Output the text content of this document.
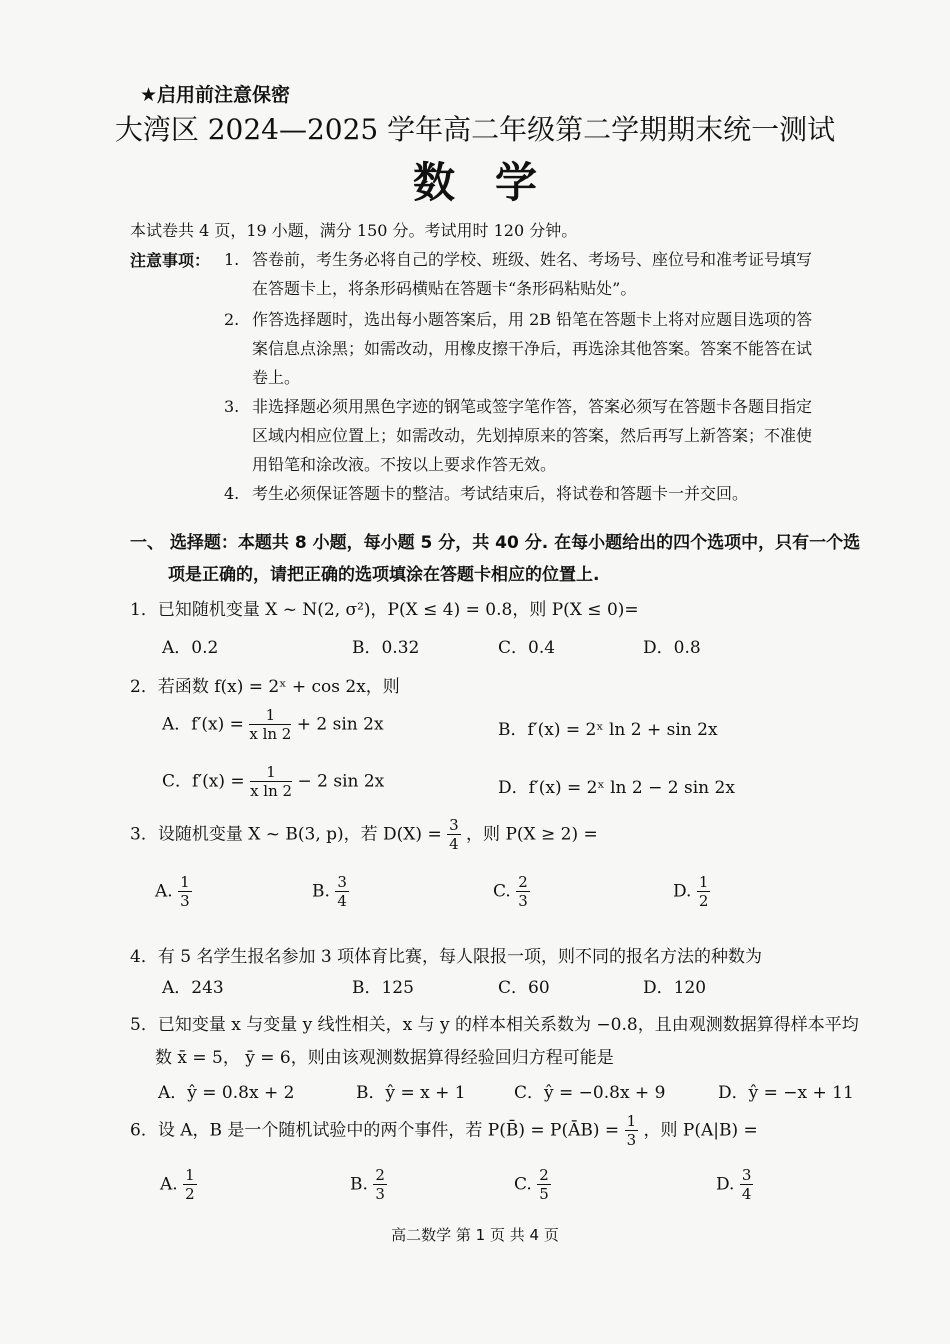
★启用前注意保密
大湾区 2024—2025 学年高二年级第二学期期末统一测试
数学
本试卷共 4 页，19 小题，满分 150 分。考试用时 120 分钟。
注意事项： 1. 答卷前，考生务必将自己的学校、班级、姓名、考场号、座位号和准考证号填写
在答题卡上，将条形码横贴在答题卡“条形码粘贴处”。
2. 作答选择题时，选出每小题答案后，用 2B 铅笔在答题卡上将对应题目选项的答
案信息点涂黑；如需改动，用橡皮擦干净后，再选涂其他答案。答案不能答在试
卷上。
3. 非选择题必须用黑色字迹的钢笔或签字笔作答，答案必须写在答题卡各题目指定
区域内相应位置上；如需改动，先划掉原来的答案，然后再写上新答案；不准使
用铅笔和涂改液。不按以上要求作答无效。
4. 考生必须保证答题卡的整洁。考试结束后，将试卷和答题卡一并交回。
一、 选择题：本题共 8 小题，每小题 5 分，共 40 分. 在每小题给出的四个选项中，只有一个选
项是正确的，请把正确的选项填涂在答题卡相应的位置上.
1．已知随机变量 X ~ N(2, σ²)，P(X ≤ 4) = 0.8，则 P(X ≤ 0)=
A．0.2	B．0.32	C．0.4	D．0.8
2．若函数 f(x) = 2ˣ + cos 2x，则
A．$f'(x) = \frac{1}{\text{x ln 2}} + 2$ sin 2x	B．f′(x) = 2ˣ ln 2 + sin 2x
C．$f'(x) = \frac{1}{\text{x ln 2}} - 2$ sin 2x	D．f′(x) = 2ˣ ln 2 − 2 sin 2x
3．设随机变量 X ~ B(3, p)，若 $D(X) = \frac{3}{4}$ ，则 P(X ≥ 2) =
A. $\frac{1}{3}$	B. $\frac{3}{4}$	C. $\frac{2}{3}$	D. $\frac{1}{2}$
4．有 5 名学生报名参加 3 项体育比赛，每人限报一项，则不同的报名方法的种数为
A．243	B．125	C．60	D．120
5．已知变量 x 与变量 y 线性相关，x 与 y 的样本相关系数为 −0.8，且由观测数据算得样本平均
数 x̄ = 5， ȳ = 6，则由该观测数据算得经验回归方程可能是
A．ŷ = 0.8x + 2	B．ŷ = x + 1	C．ŷ = −0.8x + 9	D．ŷ = −x + 11
6．设 A，B 是一个随机试验中的两个事件，若 P(B̄) = P(ĀB) = $\frac{1}{3}$ ，则 P(A|B) =
A. $\frac{1}{2}$	B. $\frac{2}{3}$	C. $\frac{2}{5}$	D. $\frac{3}{4}$
高二数学 第 1 页 共 4 页
